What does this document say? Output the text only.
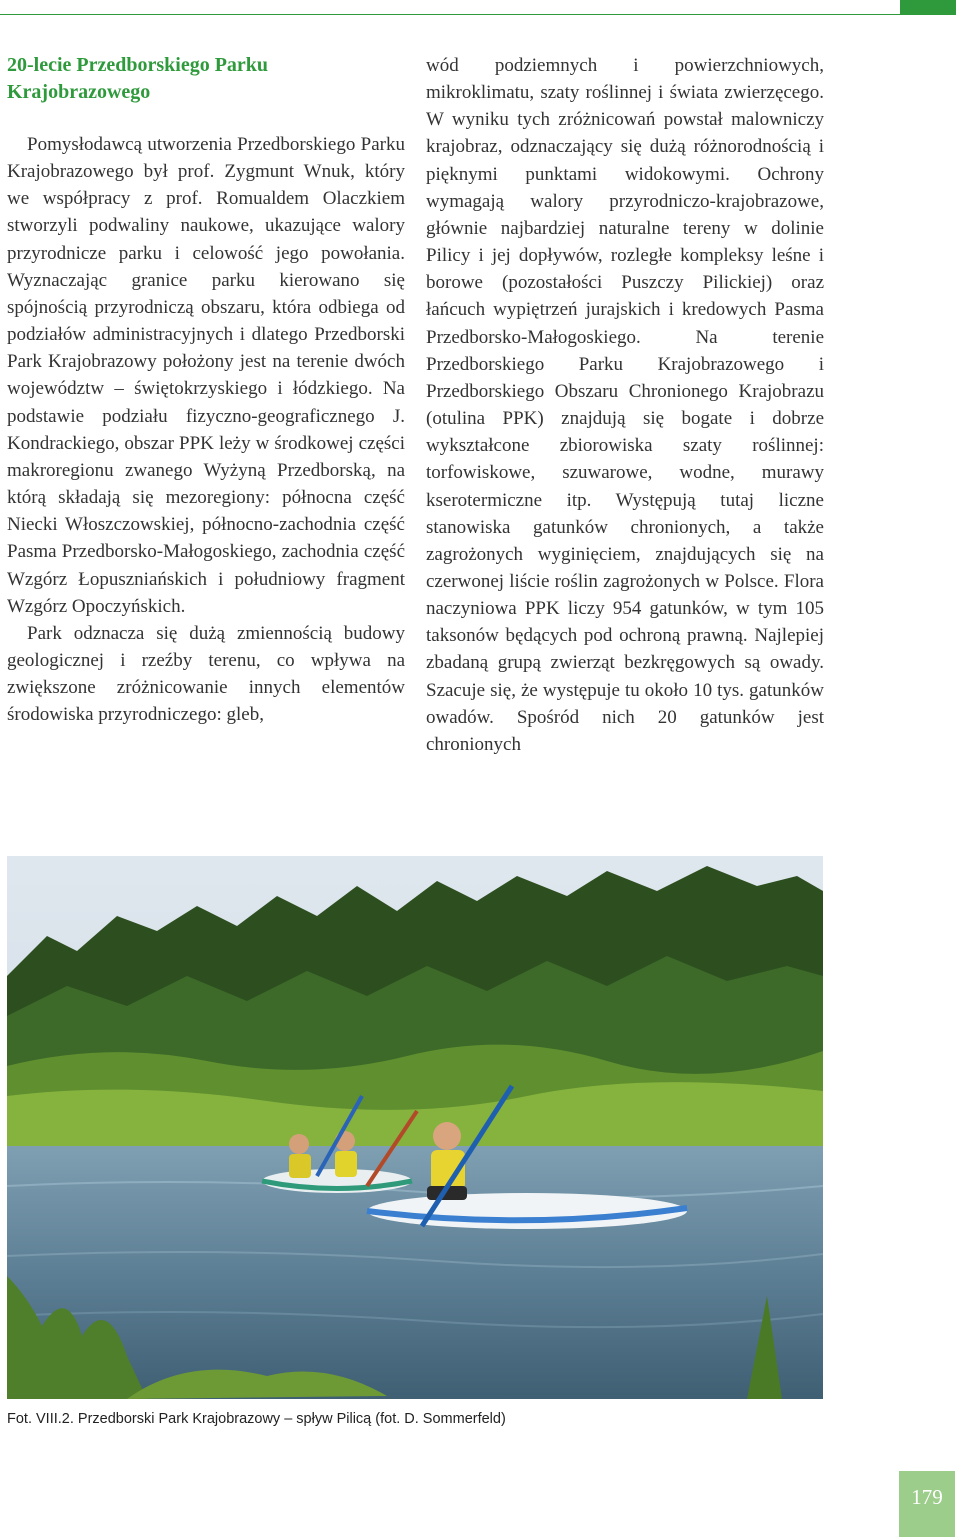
20-lecie Przedborskiego Parku Krajobrazowego

Pomysłodawcą utworzenia Przedborskiego Parku Krajobrazowego był prof. Zygmunt Wnuk, który we współpracy z prof. Romualdem Olaczkiem stworzyli podwaliny naukowe, ukazujące walory przyrodnicze parku i celowość jego powołania. Wyznaczając granice parku kierowano się spójnością przyrodniczą obszaru, która odbiega od podziałów administracyjnych i dlatego Przedborski Park Krajobrazowy położony jest na terenie dwóch województw – świętokrzyskiego i łódzkiego. Na podstawie podziału fizyczno-geograficznego J. Kondrackiego, obszar PPK leży w środkowej części makroregionu zwanego Wyżyną Przedborską, na którą składają się mezoregiony: północna część Niecki Włoszczowskiej, północno-zachodnia część Pasma Przedborsko-Małogoskiego, zachodnia część Wzgórz Łopuszniańskich i południowy fragment Wzgórz Opoczyńskich.

Park odznacza się dużą zmiennością budowy geologicznej i rzeźby terenu, co wpływa na zwiększone zróżnicowanie innych elementów środowiska przyrodniczego: gleb,

wód podziemnych i powierzchniowych, mikroklimatu, szaty roślinnej i świata zwierzęcego. W wyniku tych zróżnicowań powstał malowniczy krajobraz, odznaczający się dużą różnorodnością i pięknymi punktami widokowymi. Ochrony wymagają walory przyrodniczo-krajobrazowe, głównie najbardziej naturalne tereny w dolinie Pilicy i jej dopływów, rozległe kompleksy leśne i borowe (pozostałości Puszczy Pilickiej) oraz łańcuch wypiętrzeń jurajskich i kredowych Pasma Przedborsko-Małogoskiego. Na terenie Przedborskiego Parku Krajobrazowego i Przedborskiego Obszaru Chronionego Krajobrazu (otulina PPK) znajdują się bogate i dobrze wykształcone zbiorowiska szaty roślinnej: torfowiskowe, szuwarowe, wodne, murawy kserotermiczne itp. Występują tutaj liczne stanowiska gatunków chronionych, a także zagrożonych wyginięciem, znajdujących się na czerwonej liście roślin zagrożonych w Polsce. Flora naczyniowa PPK liczy 954 gatunków, w tym 105 taksonów będących pod ochroną prawną. Najlepiej zbadaną grupą zwierząt bezkręgowych są owady. Szacuje się, że występuje tu około 10 tys. gatunków owadów. Spośród nich 20 gatunków jest chronionych

Fot. VIII.2. Przedborski Park Krajobrazowy – spływ Pilicą (fot. D. Sommerfeld)
179
